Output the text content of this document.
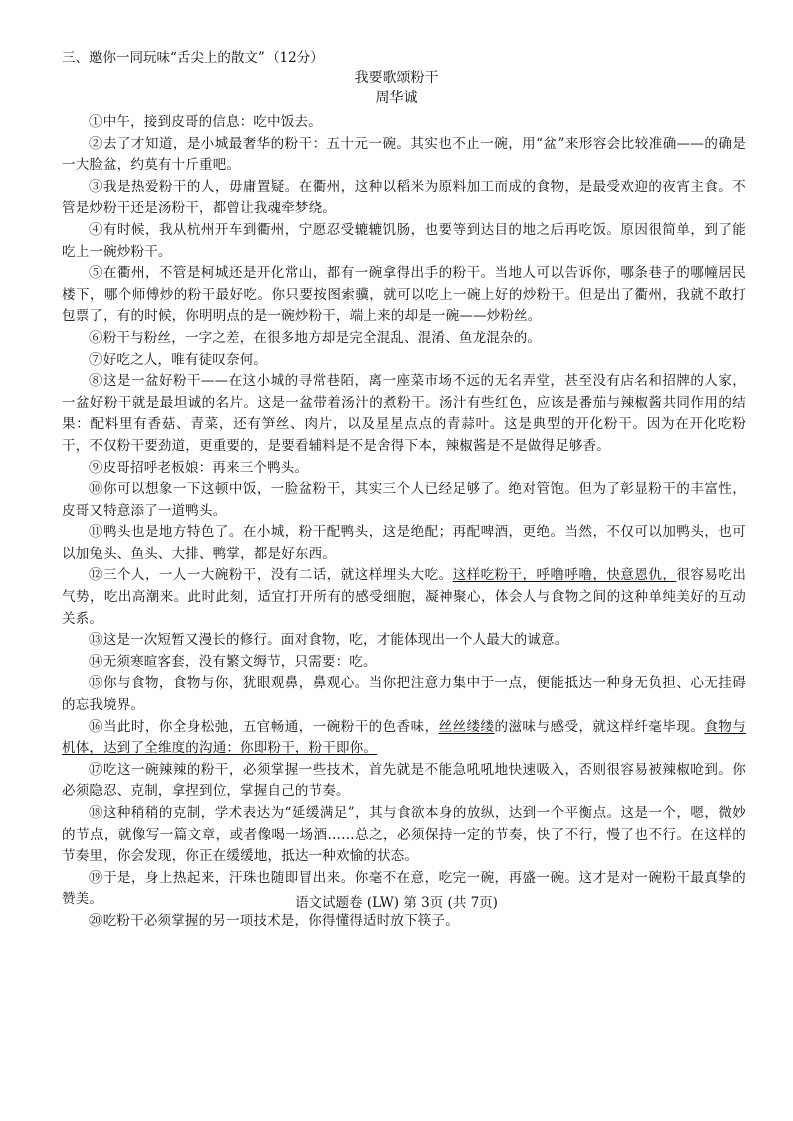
三、邀你一同玩味“舌尖上的散文” （12分）
我要歌颂粉干
周华诚

①中午，接到皮哥的信息：吃中饭去。

②去了才知道，是小城最奢华的粉干：五十元一碗。其实也不止一碗，用“盆”来形容会比较准确——的确是一大脸盆，约莫有十斤重吧。

③我是热爱粉干的人，毋庸置疑。在衢州，这种以稻米为原料加工而成的食物，是最受欢迎的夜宵主食。不管是炒粉干还是汤粉干，都曾让我魂牵梦绕。

④有时候，我从杭州开车到衢州，宁愿忍受辘辘饥肠，也要等到达目的地之后再吃饭。原因很简单，到了能吃上一碗炒粉干。

⑤在衢州，不管是柯城还是开化常山，都有一碗拿得出手的粉干。当地人可以告诉你，哪条巷子的哪幢居民楼下，哪个师傅炒的粉干最好吃。你只要按图索骥，就可以吃上一碗上好的炒粉干。但是出了衢州，我就不敢打包票了，有的时候，你明明点的是一碗炒粉干，端上来的却是一碗——炒粉丝。

⑥粉干与粉丝，一字之差，在很多地方却是完全混乱、混淆、鱼龙混杂的。

⑦好吃之人，唯有徒叹奈何。

⑧这是一盆好粉干——在这小城的寻常巷陌，离一座菜市场不远的无名弄堂，甚至没有店名和招牌的人家，一盆好粉干就是最坦诚的名片。这是一盆带着汤汁的煮粉干。汤汁有些红色，应该是番茄与辣椒酱共同作用的结果：配料里有香菇、青菜，还有笋丝、肉片，以及星星点点的青蒜叶。这是典型的开化粉干。因为在开化吃粉干，不仅粉干要劲道，更重要的，是要看辅料是不是舍得下本，辣椒酱是不是做得足够香。

⑨皮哥招呼老板娘：再来三个鸭头。

⑩你可以想象一下这顿中饭，一脸盆粉干，其实三个人已经足够了。绝对管饱。但为了彰显粉干的丰富性，皮哥又特意添了一道鸭头。

⑪鸭头也是地方特色了。在小城，粉干配鸭头，这是绝配；再配啤酒，更绝。当然，不仅可以加鸭头，也可以加兔头、鱼头、大排、鸭掌，都是好东西。

⑫三个人，一人一大碗粉干，没有二话，就这样埋头大吃。这样吃粉干，呼噜呼噜，快意恩仇，很容易吃出气势，吃出高潮来。此时此刻，适宜打开所有的感受细胞，凝神聚心，体会人与食物之间的这种单纯美好的互动关系。

⑬这是一次短暂又漫长的修行。面对食物，吃，才能体现出一个人最大的诚意。

⑭无须寒暄客套，没有繁文缛节，只需要：吃。

⑮你与食物，食物与你，犹眼观鼻，鼻观心。当你把注意力集中于一点，便能抵达一种身无负担、心无挂碍的忘我境界。

⑯当此时，你全身松弛，五官畅通，一碗粉干的色香味，丝丝缕缕的滋味与感受，就这样纤毫毕现。食物与机体，达到了全维度的沟通：你即粉干，粉干即你。

⑰吃这一碗辣辣的粉干，必须掌握一些技术，首先就是不能急吼吼地快速吸入，否则很容易被辣椒呛到。你必须隐忍、克制，拿捏到位，掌握自己的节奏。

⑱这种稍稍的克制，学术表达为“延缓满足”，其与食欲本身的放纵，达到一个平衡点。这是一个，嗯，微妙的节点，就像写一篇文章，或者像喝一场酒……总之，必须保持一定的节奏，快了不行，慢了也不行。在这样的节奏里，你会发现，你正在缓缓地，抵达一种欢愉的状态。

⑲于是，身上热起来，汗珠也随即冒出来。你毫不在意，吃完一碗，再盛一碗。这才是对一碗粉干最真挚的赞美。

⑳吃粉干必须掌握的另一项技术是，你得懂得适时放下筷子。

语文试题卷 (LW) 第 3页 (共 7页)
